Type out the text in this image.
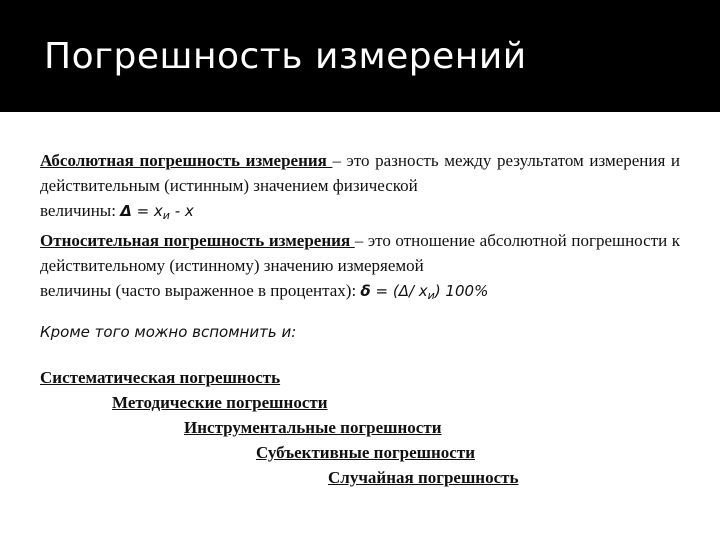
Погрешность измерений
Абсолютная погрешность измерения – это разность между результатом измерения и действительным (истинным) значением физической
величины: $\Delta = x_и - x$
Относительная погрешность измерения – это отношение абсолютной погрешности к действительному (истинному) значению измеряемой
величины (часто выраженное в процентах): δ = (Δ/ $x_и$) 100%
Кроме того можно вспомнить и:
Систематическая погрешность
Методические погрешности
Инструментальные погрешности
Субъективные погрешности
Случайная погрешность
